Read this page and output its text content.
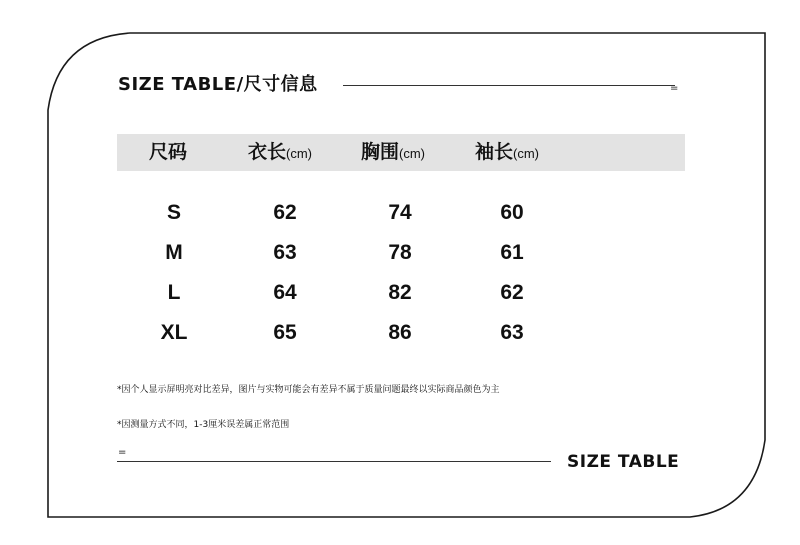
SIZE TABLE/尺寸信息	=
尺码	衣长(cm)	胸围(cm)	袖长(cm)
S	62	74	60
M	63	78	61
L	64	82	62
XL	65	86	63
*因个人显示屏明亮对比差异，图片与实物可能会有差异不属于质量问题最终以实际商品颜色为主
*因测量方式不同，1-3厘米误差属正常范围
=	SIZE TABLE
